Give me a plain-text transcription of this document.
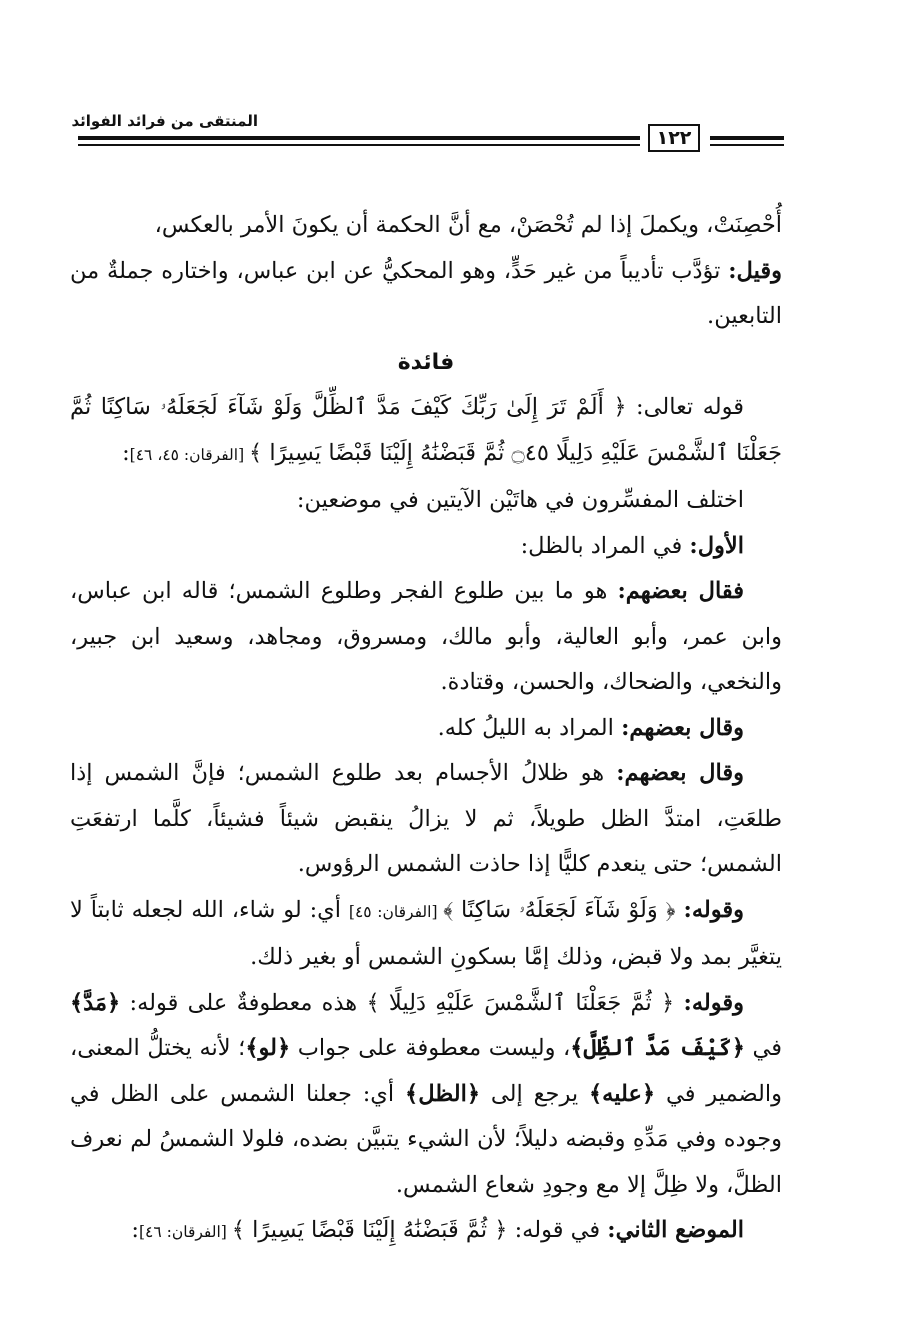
المنتقى من فرائد الفوائد
١٢٢

أُحْصِنَتْ، ويكملَ إذا لم تُحْصَنْ، مع أنَّ الحكمة أن يكونَ الأمر بالعكس،

وقيل: تؤدَّب تأديباً من غير حَدٍّ، وهو المحكيُّ عن ابن عباس، واختاره جملةٌ من التابعين.

فائدة

قوله تعالى: ﴿ أَلَمْ تَرَ إِلَىٰ رَبِّكَ كَيْفَ مَدَّ ٱلظِّلَّ وَلَوْ شَآءَ لَجَعَلَهُۥ سَاكِنًا ثُمَّ جَعَلْنَا ٱلشَّمْسَ عَلَيْهِ دَلِيلًا ۝٤٥ ثُمَّ قَبَضْنَٰهُ إِلَيْنَا قَبْضًا يَسِيرًا ﴾ [الفرقان: ٤٥، ٤٦]:

اختلف المفسِّرون في هاتَيْن الآيتين في موضعين:

الأول: في المراد بالظل:

فقال بعضهم: هو ما بين طلوع الفجر وطلوع الشمس؛ قاله ابن عباس، وابن عمر، وأبو العالية، وأبو مالك، ومسروق، ومجاهد، وسعيد ابن جبير، والنخعي، والضحاك، والحسن، وقتادة.

وقال بعضهم: المراد به الليلُ كله.

وقال بعضهم: هو ظلالُ الأجسام بعد طلوع الشمس؛ فإنَّ الشمس إذا طلعَتِ، امتدَّ الظل طويلاً، ثم لا يزالُ ينقبض شيئاً فشيئاً، كلَّما ارتفعَتِ الشمس؛ حتى ينعدم كليًّا إذا حاذت الشمس الرؤوس.

وقوله: ﴿ وَلَوْ شَآءَ لَجَعَلَهُۥ سَاكِنًا ﴾ [الفرقان: ٤٥] أي: لو شاء، الله لجعله ثابتاً لا يتغيَّر بمد ولا قبض، وذلك إمَّا بسكونِ الشمس أو بغير ذلك.

وقوله: ﴿ ثُمَّ جَعَلْنَا ٱلشَّمْسَ عَلَيْهِ دَلِيلًا ﴾ هذه معطوفةٌ على قوله: ﴿مَدَّ﴾ في ﴿كَيْفَ مَدَّ ٱلظِّلَّ﴾، وليست معطوفة على جواب ﴿لو﴾؛ لأنه يختلُّ المعنى، والضمير في ﴿عليه﴾ يرجع إلى ﴿الظل﴾ أي: جعلنا الشمس على الظل في وجوده وفي مَدِّهِ وقبضه دليلاً؛ لأن الشيء يتبيَّن بضده، فلولا الشمسُ لم نعرف الظلَّ، ولا ظِلَّ إلا مع وجودِ شعاع الشمس.

الموضع الثاني: في قوله: ﴿ ثُمَّ قَبَضْنَٰهُ إِلَيْنَا قَبْضًا يَسِيرًا ﴾ [الفرقان: ٤٦]:
